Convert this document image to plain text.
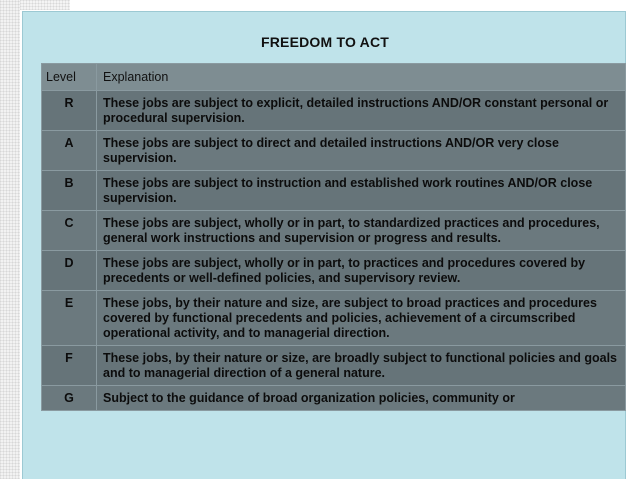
FREEDOM TO ACT
Level	Explanation
R	These jobs are subject to explicit, detailed instructions AND/OR constant personal or procedural supervision.
A	These jobs are subject to direct and detailed instructions AND/OR very close supervision.
B	These jobs are subject to instruction and established work routines AND/OR close supervision.
C	These jobs are subject, wholly or in part, to standardized practices and procedures, general work instructions and supervision or progress and results.
D	These jobs are subject, wholly or in part, to practices and procedures covered by precedents or well-defined policies, and supervisory review.
E	These jobs, by their nature and size, are subject to broad practices and procedures covered by functional precedents and policies, achievement of a circumscribed operational activity, and to managerial direction.
F	These jobs, by their nature or size, are broadly subject to functional policies and goals and to managerial direction of a general nature.
G	Subject to the guidance of broad organization policies, community or
